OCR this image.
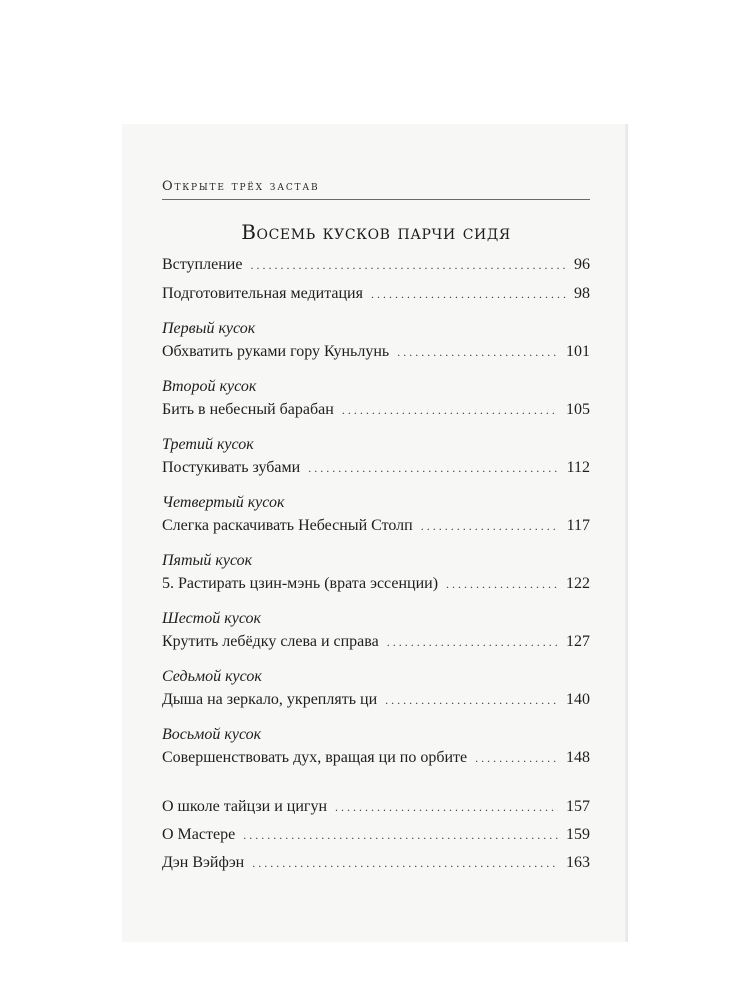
Открыте трёх застав
Восемь кусков парчи сидя
Вступление .....	96
Подготовительная медитация .....	98
Первый кусок
Обхватить руками гору Куньлунь .....	101
Второй кусок
Бить в небесный барабан .....	105
Третий кусок
Постукивать зубами .....	112
Четвертый кусок
Слегка раскачивать Небесный Столп .....	117
Пятый кусок
5. Растирать цзин-мэнь (врата эссенции) .....	122
Шестой кусок
Крутить лебёдку слева и справа .....	127
Седьмой кусок
Дыша на зеркало, укреплять ци .....	140
Восьмой кусок
Совершенствовать дух, вращая ци по орбите .....	148
О школе тайцзи и цигун .....	157
О Мастере .....	159
Дэн Вэйфэн .....	163
